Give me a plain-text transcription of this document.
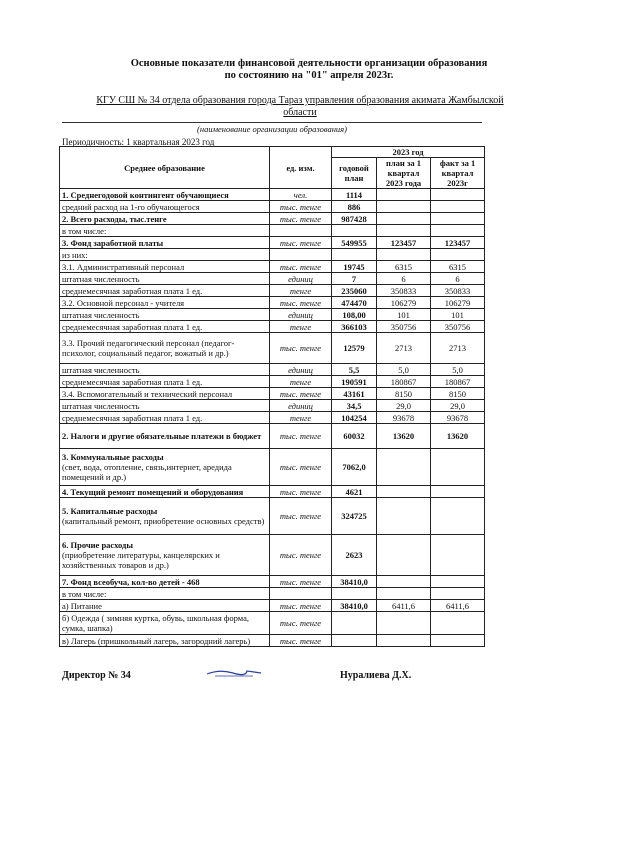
Основные показатели финансовой деятельности организации образования
по состоянию на "01" апреля 2023г.
КГУ СШ № 34 отдела образования города Тараз управления образования акимата Жамбылской области
(наименование организации образования)
Периодичность: 1 квартальная 2023 год
Среднее образование	ед. изм.	2023 год		
		годовой план	план за 1 квартал 2023 года	факт за 1 квартал 2023г

1. Среднегодовой контингент обучающиеся	чел.	1114		

средний расход на 1-го обучающегося	тыс. тенге	886		

2. Всего расходы, тыс.тенге	тыс. тенге	987428		

в том числе:				

3. Фонд заработной платы	тыс. тенге	549955	123457	123457

из них:				

3.1. Административный персонал	тыс. тенге	19745	6315	6315

штатная численность	единиц	7	6	6

среднемесячная заработная плата 1 ед.	тенге	235060	350833	350833

3.2. Основной персонал - учителя	тыс. тенге	474470	106279	106279

штатная численность	единиц	108,00	101	101

среднемесячная заработная плата 1 ед.	тенге	366103	350756	350756

3.3. Прочий педагогический персонал (педагог-психолог, социальный педагог, вожатый и др.)	тыс. тенге	12579	2713	2713

штатная численность	единиц	5,5	5,0	5,0

среднемесячная заработная плата 1 ед.	тенге	190591	180867	180867

3.4. Вспомогательный и технический персонал	тыс. тенге	43161	8150	8150

штатная численность	единиц	34,5	29,0	29,0

среднемесячная заработная плата 1 ед.	тенге	104254	93678	93678

2. Налоги и другие обязательные платежи в бюджет	тыс. тенге	60032	13620	13620

3. Коммунальные расходы
(свет, вода, отопление, связь,интернет, аредида помещений и др.)	тыс. тенге	7062,0		

4. Текущий ремонт помещений и оборудования	тыс. тенге	4621		

5. Капитальные расходы
(капитальный ремонт, приобретение основных средств)	тыс. тенге	324725		

6. Прочие расходы
(приобретение литературы, канцелярских и хозяйственных товаров и др.)	тыс. тенге	2623		

7. Фонд всеобуча, кол-во детей - 468	тыс. тенге	38410,0		

в том числе:				

а) Питание	тыс. тенге	38410,0	6411,6	6411,6

б) Одежда ( зимняя куртка, обувь, школьная форма, сумка, шапка)	тыс. тенге			

в) Лагерь (пришкольный лагерь, загородний лагерь)	тыс. тенге			
Директор № 34	Нуралиева Д.Х.
